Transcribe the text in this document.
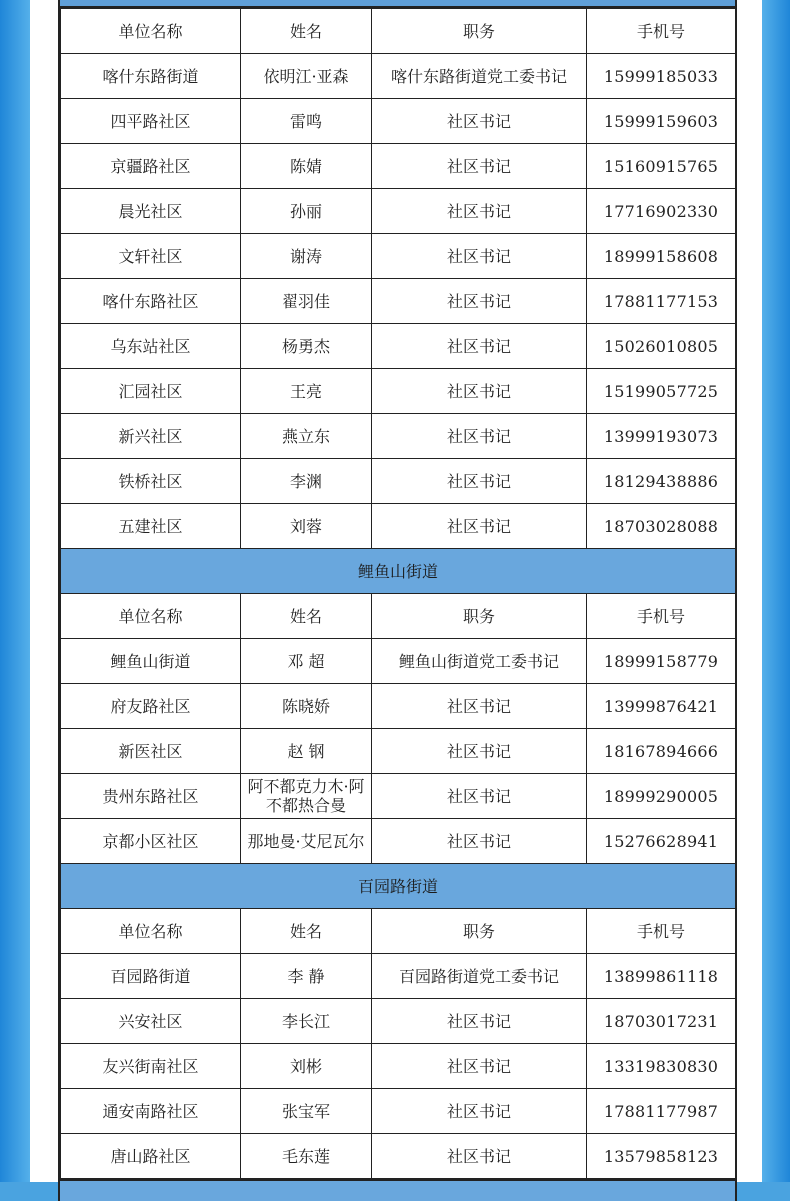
单位名称	姓名	职务	手机号
喀什东路街道	依明江·亚森	喀什东路街道党工委书记	15999185033
四平路社区	雷鸣	社区书记	15999159603
京疆路社区	陈婧	社区书记	15160915765
晨光社区	孙丽	社区书记	17716902330
文轩社区	谢涛	社区书记	18999158608
喀什东路社区	翟羽佳	社区书记	17881177153
乌东站社区	杨勇杰	社区书记	15026010805
汇园社区	王亮	社区书记	15199057725
新兴社区	燕立东	社区书记	13999193073
铁桥社区	李渊	社区书记	18129438886
五建社区	刘蓉	社区书记	18703028088
鲤鱼山街道			
单位名称	姓名	职务	手机号
鲤鱼山街道	邓 超	鲤鱼山街道党工委书记	18999158779
府友路社区	陈晓娇	社区书记	13999876421
新医社区	赵 钢	社区书记	18167894666
贵州东路社区	阿不都克力木·阿不都热合曼	社区书记	18999290005
京都小区社区	那地曼·艾尼瓦尔	社区书记	15276628941
百园路街道			
单位名称	姓名	职务	手机号
百园路街道	李 静	百园路街道党工委书记	13899861118
兴安社区	李长江	社区书记	18703017231
友兴街南社区	刘彬	社区书记	13319830830
通安南路社区	张宝军	社区书记	17881177987
唐山路社区	毛东莲	社区书记	13579858123
